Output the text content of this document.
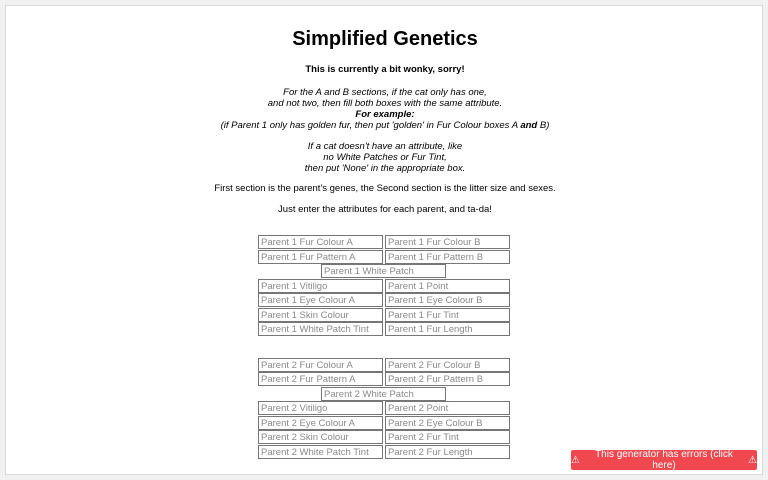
Simplified Genetics

This is currently a bit wonky, sorry!

For the A and B sections, if the cat only has one,

and not two, then fill both boxes with the same attribute.

For example:

(if Parent 1 only has golden fur, then put 'golden' in Fur Colour boxes A and B)

If a cat doesn't have an attribute, like

no White Patches or Fur Tint,

then put 'None' in the appropriate box.

First section is the parent's genes, the Second section is the litter size and sexes.

Just enter the attributes for each parent, and ta-da!

Parent 1 Fur Colour A
Parent 1 Fur Colour B
Parent 1 Fur Pattern A
Parent 1 Fur Pattern B
Parent 1 White Patch
Parent 1 Vitiligo
Parent 1 Point
Parent 1 Eye Colour A
Parent 1 Eye Colour B
Parent 1 Skin Colour
Parent 1 Fur Tint
Parent 1 White Patch Tint
Parent 1 Fur Length
Parent 2 Fur Colour A
Parent 2 Fur Colour B
Parent 2 Fur Pattern A
Parent 2 Fur Pattern B
Parent 2 White Patch
Parent 2 Vitiligo
Parent 2 Point
Parent 2 Eye Colour A
Parent 2 Eye Colour B
Parent 2 Skin Colour
Parent 2 Fur Tint
Parent 2 White Patch Tint
Parent 2 Fur Length
⚠	This generator has errors (click here)	⚠
